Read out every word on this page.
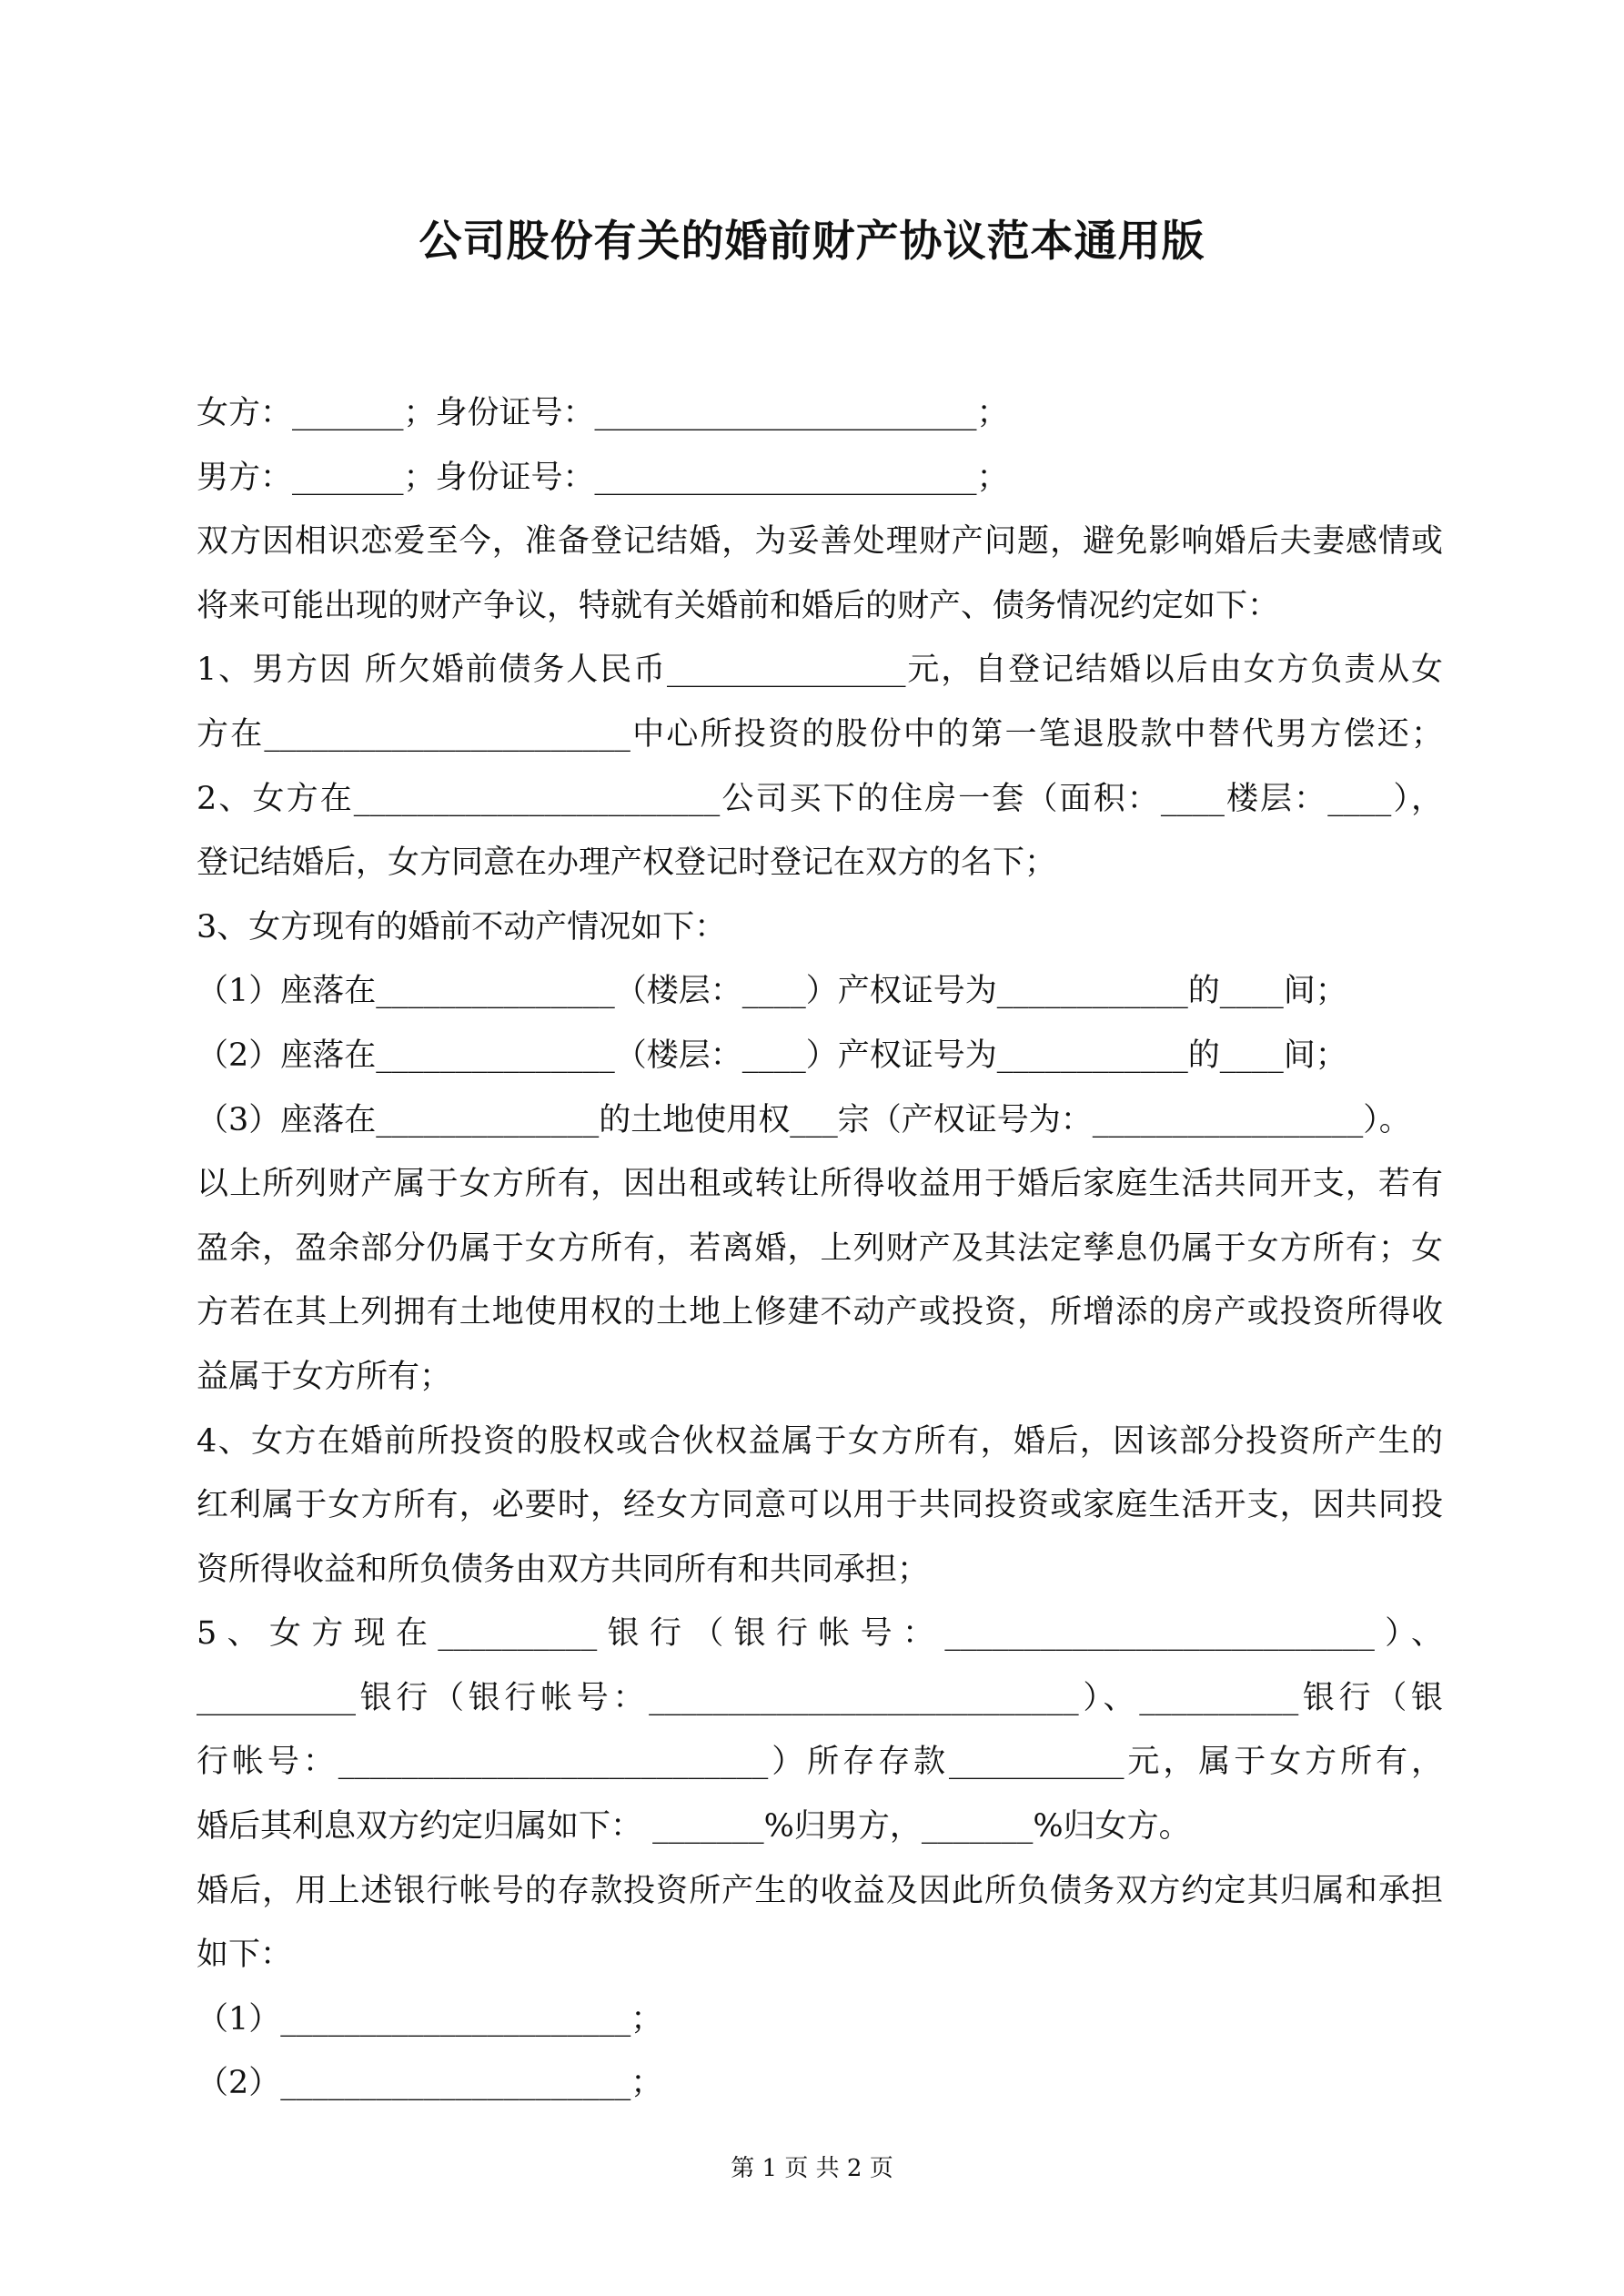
公司股份有关的婚前财产协议范本通用版
女方：_______；身份证号：________________________；
男方：_______；身份证号：________________________；
双方因相识恋爱至今，准备登记结婚，为妥善处理财产问题，避免影响婚后夫妻感情或
将来可能出现的财产争议，特就有关婚前和婚后的财产、债务情况约定如下：
1、男方因 所欠婚前债务人民币_______________元，自登记结婚以后由女方负责从女
方在_______________________中心所投资的股份中的第一笔退股款中替代男方偿还；
2、女方在_______________________公司买下的住房一套（面积：____楼层：____），
登记结婚后，女方同意在办理产权登记时登记在双方的名下；
3、女方现有的婚前不动产情况如下：
（1）座落在_______________（楼层：____）产权证号为____________的____间；
（2）座落在_______________（楼层：____）产权证号为____________的____间；
（3）座落在______________的土地使用权___宗（产权证号为：_________________）。
以上所列财产属于女方所有，因出租或转让所得收益用于婚后家庭生活共同开支，若有
盈余，盈余部分仍属于女方所有，若离婚，上列财产及其法定孳息仍属于女方所有；女
方若在其上列拥有土地使用权的土地上修建不动产或投资，所增添的房产或投资所得收
益属于女方所有；
4、女方在婚前所投资的股权或合伙权益属于女方所有，婚后，因该部分投资所产生的
红利属于女方所有，必要时，经女方同意可以用于共同投资或家庭生活开支，因共同投
资所得收益和所负债务由双方共同所有和共同承担；
5、女方现在__________银行（银行帐号：___________________________）、
__________银行（银行帐号：___________________________）、__________银行（银
行帐号：___________________________）所存存款___________元，属于女方所有，
婚后其利息双方约定归属如下： _______%归男方，_______%归女方。
婚后，用上述银行帐号的存款投资所产生的收益及因此所负债务双方约定其归属和承担
如下：
（1）______________________；
（2）______________________；
第 1 页 共 2 页
